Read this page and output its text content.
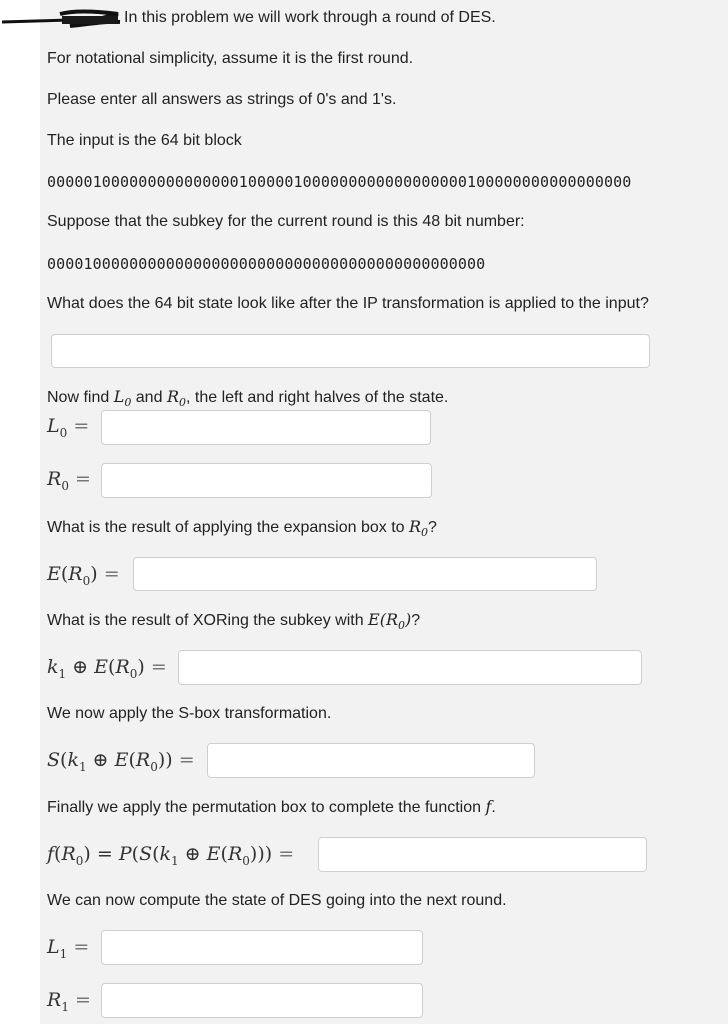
In this problem we will work through a round of DES.
For notational simplicity, assume it is the first round.
Please enter all answers as strings of 0's and 1's.
The input is the 64 bit block
0000010000000000000001000001000000000000000000100000000000000000
Suppose that the subkey for the current round is this 48 bit number:
000010000000000000000000000000000000000000000000
What does the 64 bit state look like after the IP transformation is applied to the input?
Now find $L_0$ and $R_0$, the left and right halves of the state.
$L_0$ =
$R_0$ =
What is the result of applying the expansion box to $R_0$?
$E(R_0)$ =
What is the result of XORing the subkey with $E(R_0)$?
$k_1$ ⊕ $E(R_0)$ =
We now apply the S-box transformation.
$S(k_1$ ⊕ $E(R_0)$) =
Finally we apply the permutation box to complete the function f.
$f(R_0) = P(S(k_1$ ⊕ $E(R_0)$)) =
We can now compute the state of DES going into the next round.
$L_1$ =
$R_1$ =
